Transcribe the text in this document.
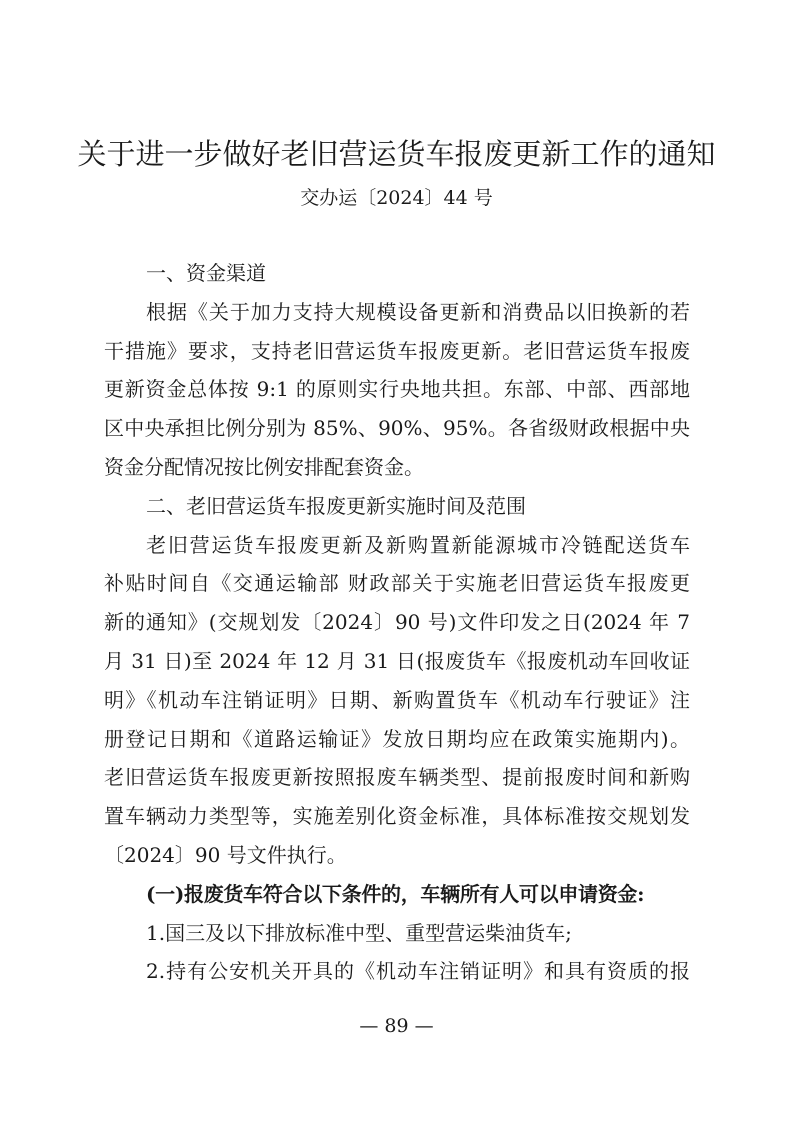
关于进一步做好老旧营运货车报废更新工作的通知
交办运〔2024〕44 号
一、资金渠道
根据《关于加力支持大规模设备更新和消费品以旧换新的若
干措施》要求，支持老旧营运货车报废更新。老旧营运货车报废
更新资金总体按 9:1 的原则实行央地共担。东部、中部、西部地
区中央承担比例分别为 85%、90%、95%。各省级财政根据中央
资金分配情况按比例安排配套资金。
二、老旧营运货车报废更新实施时间及范围
老旧营运货车报废更新及新购置新能源城市冷链配送货车
补贴时间自《交通运输部 财政部关于实施老旧营运货车报废更
新的通知》(交规划发〔2024〕90 号)文件印发之日(2024 年 7
月 31 日)至 2024 年 12 月 31 日(报废货车《报废机动车回收证
明》《机动车注销证明》日期、新购置货车《机动车行驶证》注
册登记日期和《道路运输证》发放日期均应在政策实施期内)。
老旧营运货车报废更新按照报废车辆类型、提前报废时间和新购
置车辆动力类型等，实施差别化资金标准，具体标准按交规划发
〔2024〕90 号文件执行。
(一)报废货车符合以下条件的，车辆所有人可以申请资金:
1.国三及以下排放标准中型、重型营运柴油货车;
2.持有公安机关开具的《机动车注销证明》和具有资质的报
— 89 —
